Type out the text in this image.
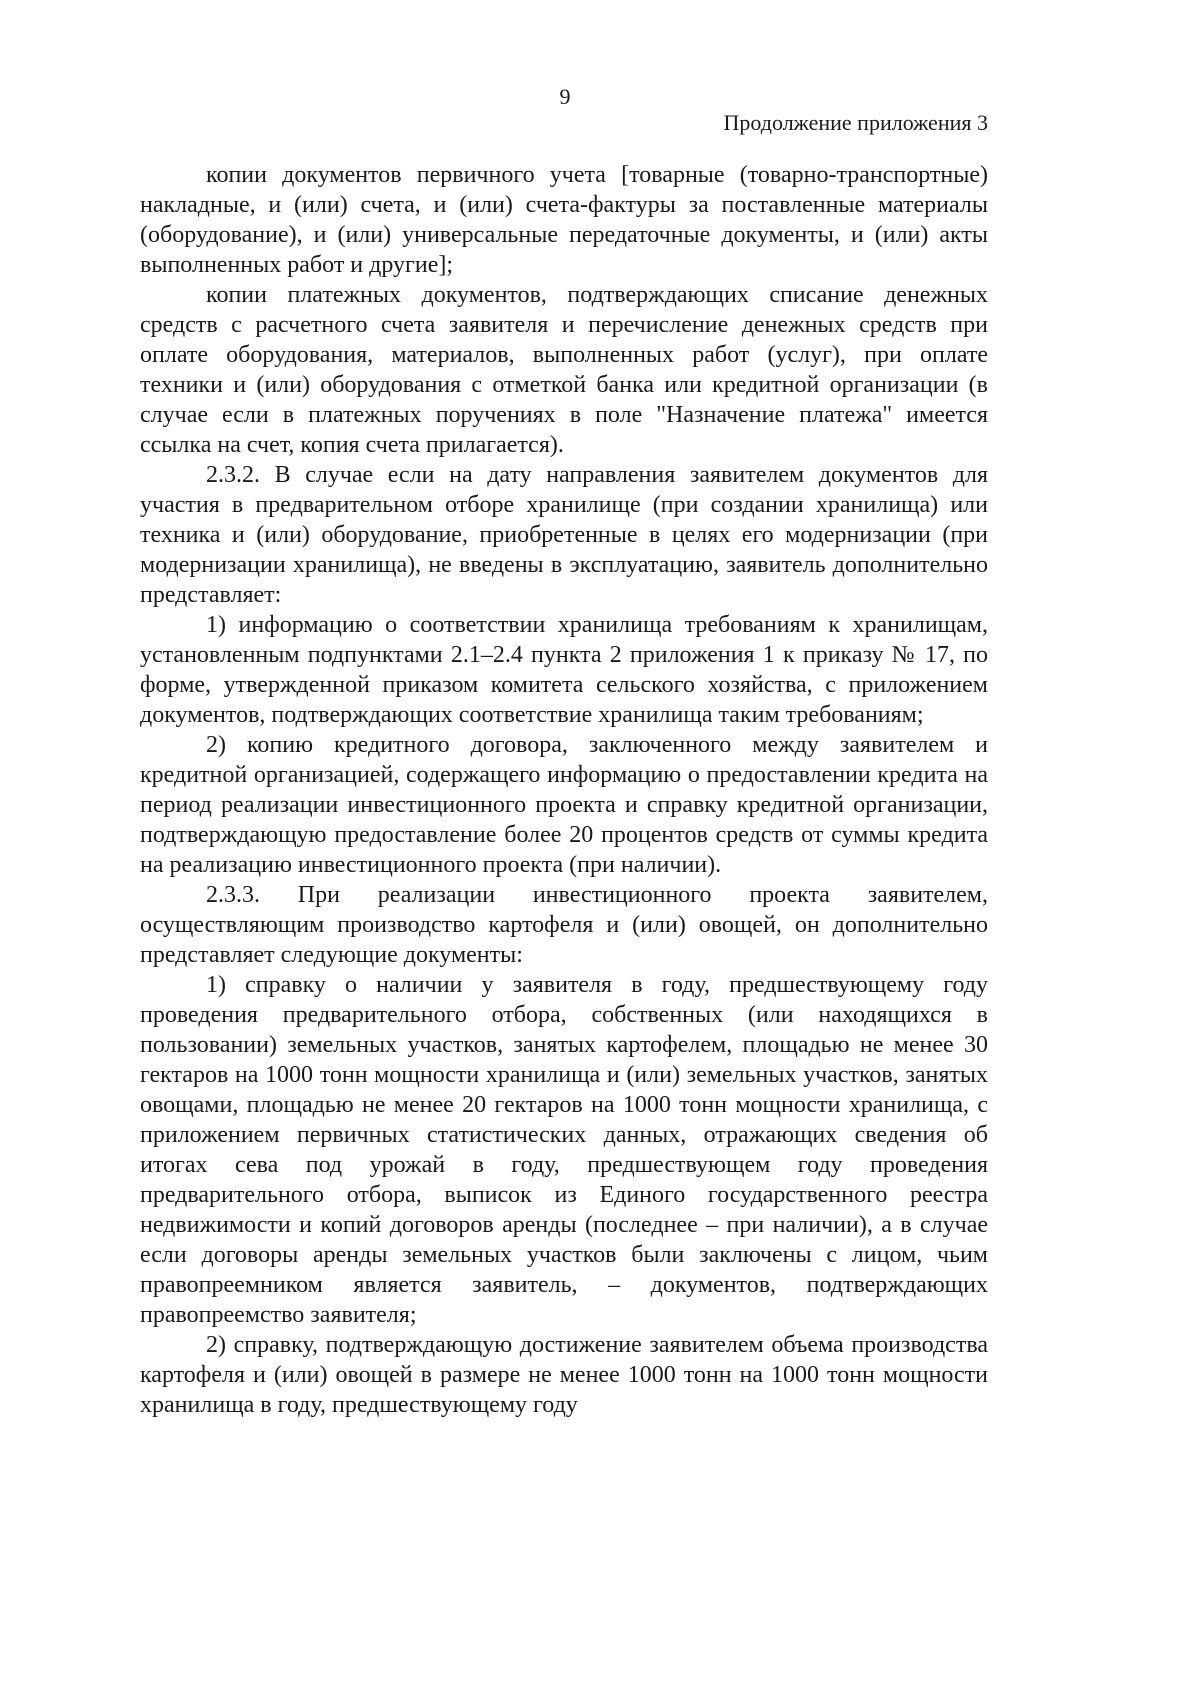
9
Продолжение приложения 3

копии документов первичного учета [товарные (товарно-транспортные) накладные, и (или) счета, и (или) счета-фактуры за поставленные материалы (оборудование), и (или) универсальные передаточные документы, и (или) акты выполненных работ и другие];

копии платежных документов, подтверждающих списание денежных средств с расчетного счета заявителя и перечисление денежных средств при оплате оборудования, материалов, выполненных работ (услуг), при оплате техники и (или) оборудования с отметкой банка или кредитной организации (в случае если в платежных поручениях в поле "Назначение платежа" имеется ссылка на счет, копия счета прилагается).

2.3.2. В случае если на дату направления заявителем документов для участия в предварительном отборе хранилище (при создании хранилища) или техника и (или) оборудование, приобретенные в целях его модернизации (при модернизации хранилища), не введены в эксплуатацию, заявитель дополнительно представляет:

1) информацию о соответствии хранилища требованиям к хранилищам, установленным подпунктами 2.1–2.4 пункта 2 приложения 1 к приказу № 17, по форме, утвержденной приказом комитета сельского хозяйства, с приложением документов, подтверждающих соответствие хранилища таким требованиям;

2) копию кредитного договора, заключенного между заявителем и кредитной организацией, содержащего информацию о предоставлении кредита на период реализации инвестиционного проекта и справку кредитной организации, подтверждающую предоставление более 20 процентов средств от суммы кредита на реализацию инвестиционного проекта (при наличии).

2.3.3. При реализации инвестиционного проекта заявителем, осуществляющим производство картофеля и (или) овощей, он дополнительно представляет следующие документы:

1) справку о наличии у заявителя в году, предшествующему году проведения предварительного отбора, собственных (или находящихся в пользовании) земельных участков, занятых картофелем, площадью не менее 30 гектаров на 1000 тонн мощности хранилища и (или) земельных участков, занятых овощами, площадью не менее 20 гектаров на 1000 тонн мощности хранилища, с приложением первичных статистических данных, отражающих сведения об итогах сева под урожай в году, предшествующем году проведения предварительного отбора, выписок из Единого государственного реестра недвижимости и копий договоров аренды (последнее – при наличии), а в случае если договоры аренды земельных участков были заключены с лицом, чьим правопреемником является заявитель, – документов, подтверждающих правопреемство заявителя;

2) справку, подтверждающую достижение заявителем объема производства картофеля и (или) овощей в размере не менее 1000 тонн на 1000 тонн мощности хранилища в году, предшествующему году
